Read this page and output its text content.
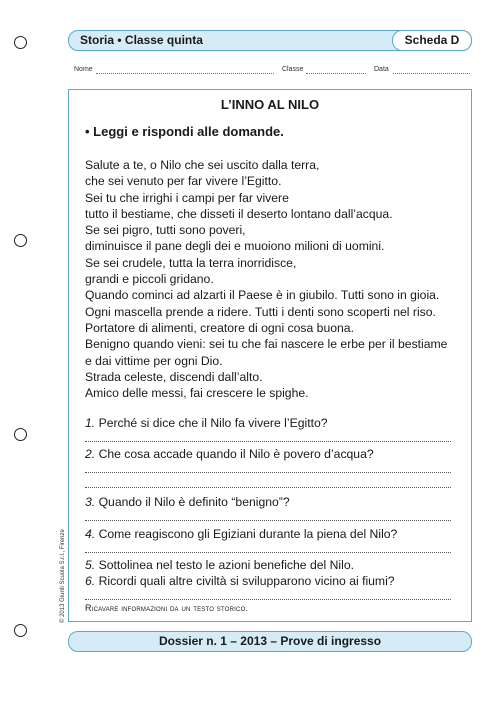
Storia • Classe quinta	Scheda D
Nome	Classe	Data
L’INNO AL NILO
• Leggi e rispondi alle domande.
Salute a te, o Nilo che sei uscito dalla terra,
che sei venuto per far vivere l’Egitto.
Sei tu che irrighi i campi per far vivere
tutto il bestiame, che disseti il deserto lontano dall’acqua.
Se sei pigro, tutti sono poveri,
diminuisce il pane degli dei e muoiono milioni di uomini.
Se sei crudele, tutta la terra inorridisce,
grandi e piccoli gridano.
Quando cominci ad alzarti il Paese è in giubilo. Tutti sono in gioia.
Ogni mascella prende a ridere. Tutti i denti sono scoperti nel riso.
Portatore di alimenti, creatore di ogni cosa buona.
Benigno quando vieni: sei tu che fai nascere le erbe per il bestiame
e dai vittime per ogni Dio.
Strada celeste, discendi dall’alto.
Amico delle messi, fai crescere le spighe.
1. Perché si dice che il Nilo fa vivere l’Egitto?
2. Che cosa accade quando il Nilo è povero d’acqua?
3. Quando il Nilo è definito “benigno”?
4. Come reagiscono gli Egiziani durante la piena del Nilo?
5. Sottolinea nel testo le azioni benefiche del Nilo.
6. Ricordi quali altre civiltà si svilupparono vicino ai fiumi?
Ricavare informazioni da un testo storico.
© 2013 Giunti Scuola S.r.l., Firenze
Dossier n. 1 – 2013 – Prove di ingresso
